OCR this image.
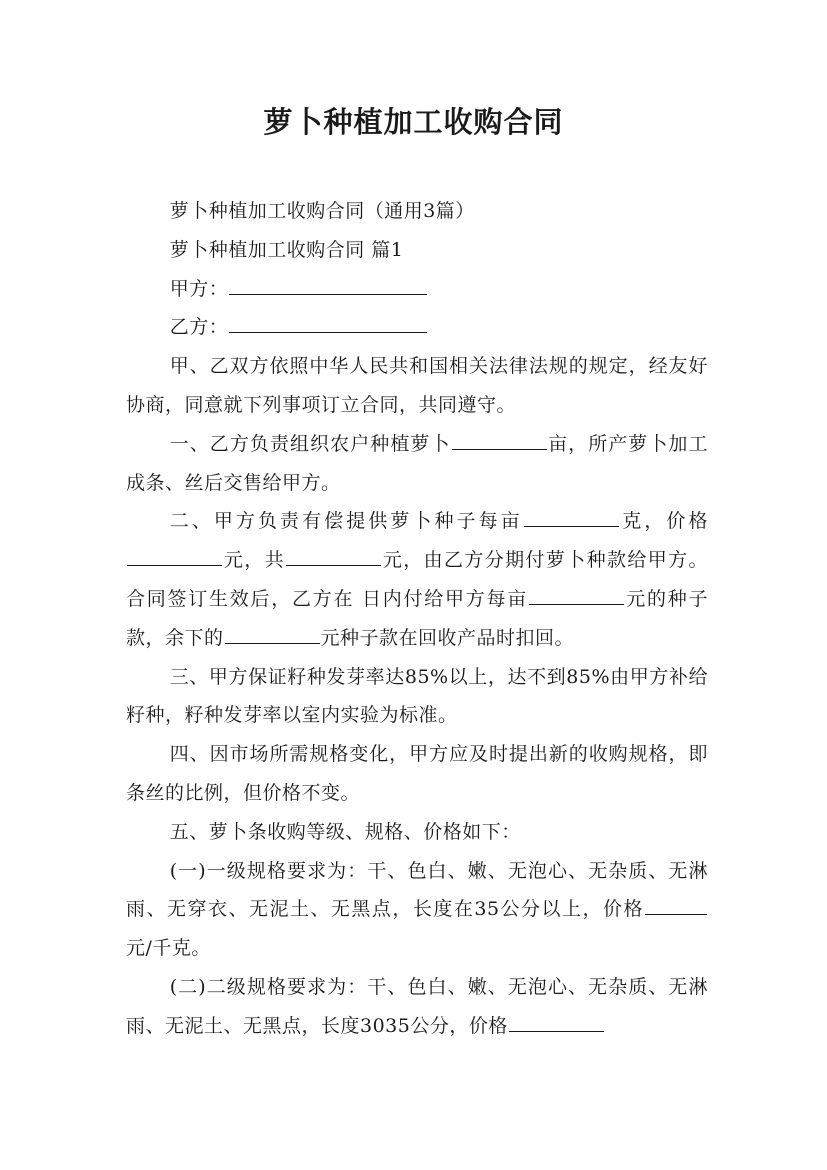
萝卜种植加工收购合同

萝卜种植加工收购合同（通用3篇）

萝卜种植加工收购合同 篇1

甲方：

乙方：

甲、乙双方依照中华人民共和国相关法律法规的规定，经友好协商，同意就下列事项订立合同，共同遵守。

一、乙方负责组织农户种植萝卜	亩，所产萝卜加工成条、丝后交售给甲方。

二、甲方负责有偿提供萝卜种子每亩	克，价格元，共	元，由乙方分期付萝卜种款给甲方。合同签订生效后，乙方在 日内付给甲方每亩	元的种子款，余下的	元种子款在回收产品时扣回。

三、甲方保证籽种发芽率达85%以上，达不到85%由甲方补给籽种，籽种发芽率以室内实验为标准。

四、因市场所需规格变化，甲方应及时提出新的收购规格，即条丝的比例，但价格不变。

五、萝卜条收购等级、规格、价格如下：

(一)一级规格要求为：干、色白、嫩、无泡心、无杂质、无淋雨、无穿衣、无泥土、无黑点，长度在35公分以上，价格元/千克。

(二)二级规格要求为：干、色白、嫩、无泡心、无杂质、无淋雨、无泥土、无黑点，长度3035公分，价格
